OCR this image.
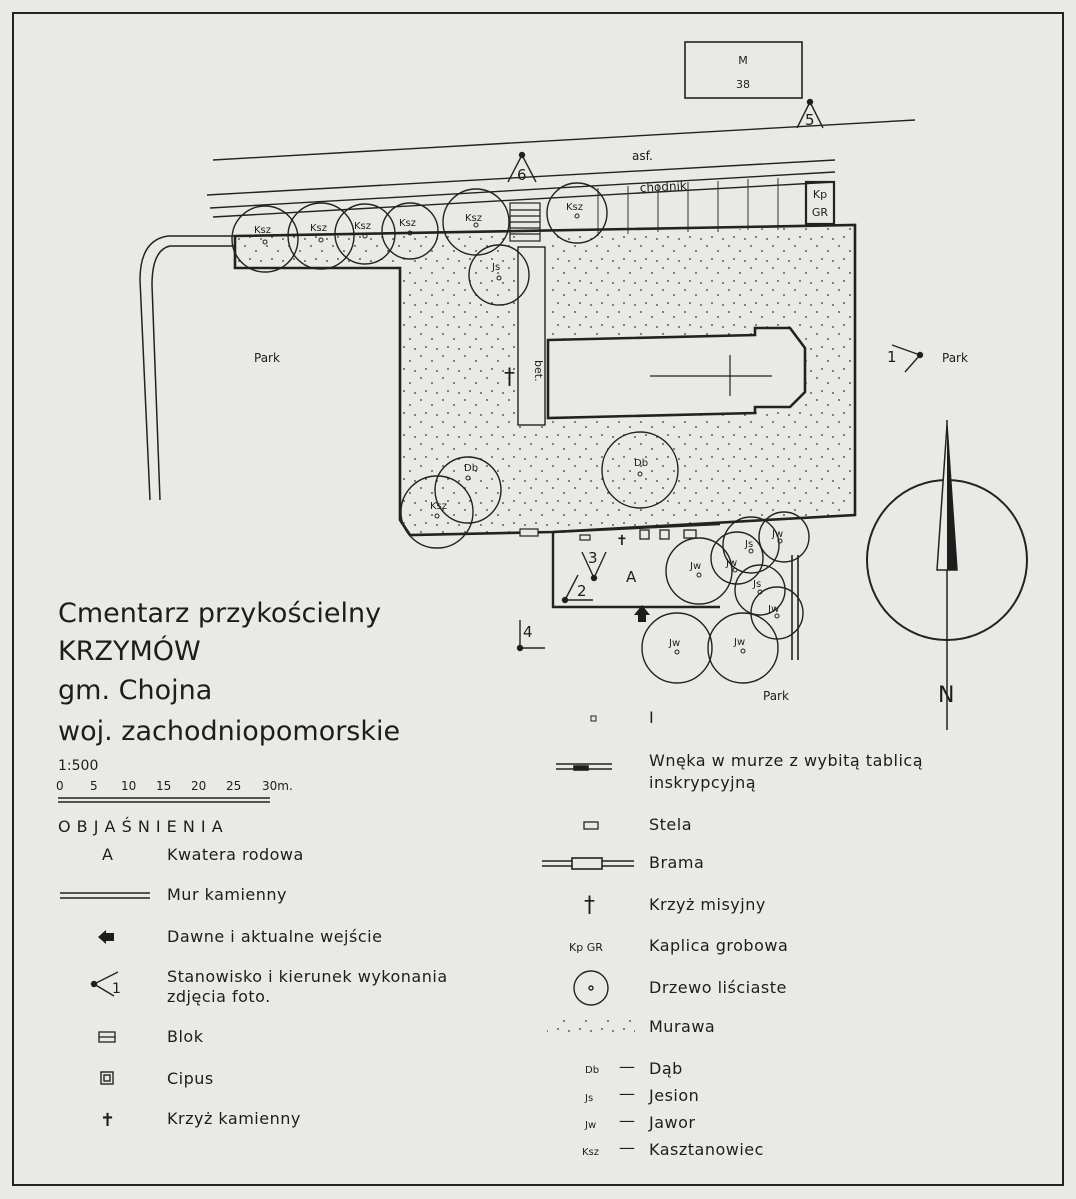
M
38
asf.
chodnik	Kp
GR
bet.
†
Park	Park
Park
Ksz	Ksz	Ksz	Ksz	Ksz
Ksz
Js
Db
Ksz
Db
✝
A
Jw Jw
Js
Jw
Js
Jw
Jw	Jw
1
2
3
4
5
6
N
Cmentarz przykościelny
KRZYMÓW
gm. Chojna
woj. zachodniopomorskie
1:500
0 5 10 15 20 25 30m.
O B J A Ś N I E N I A
A	Kwatera rodowa
Mur kamienny
Dawne i aktualne wejście
1
Stanowisko i kierunek wykonania
zdjęcia foto.
Blok
Cipus
✝	Krzyż kamienny
I
Wnęka w murze z wybitą tablicą
inskrypcyjną
Stela
Brama
†	Krzyż misyjny
Kp GR	Kaplica grobowa
Drzewo liściaste
Murawa
Db — Dąb
Js — Jesion
Jw — Jawor
Ksz — Kasztanowiec
